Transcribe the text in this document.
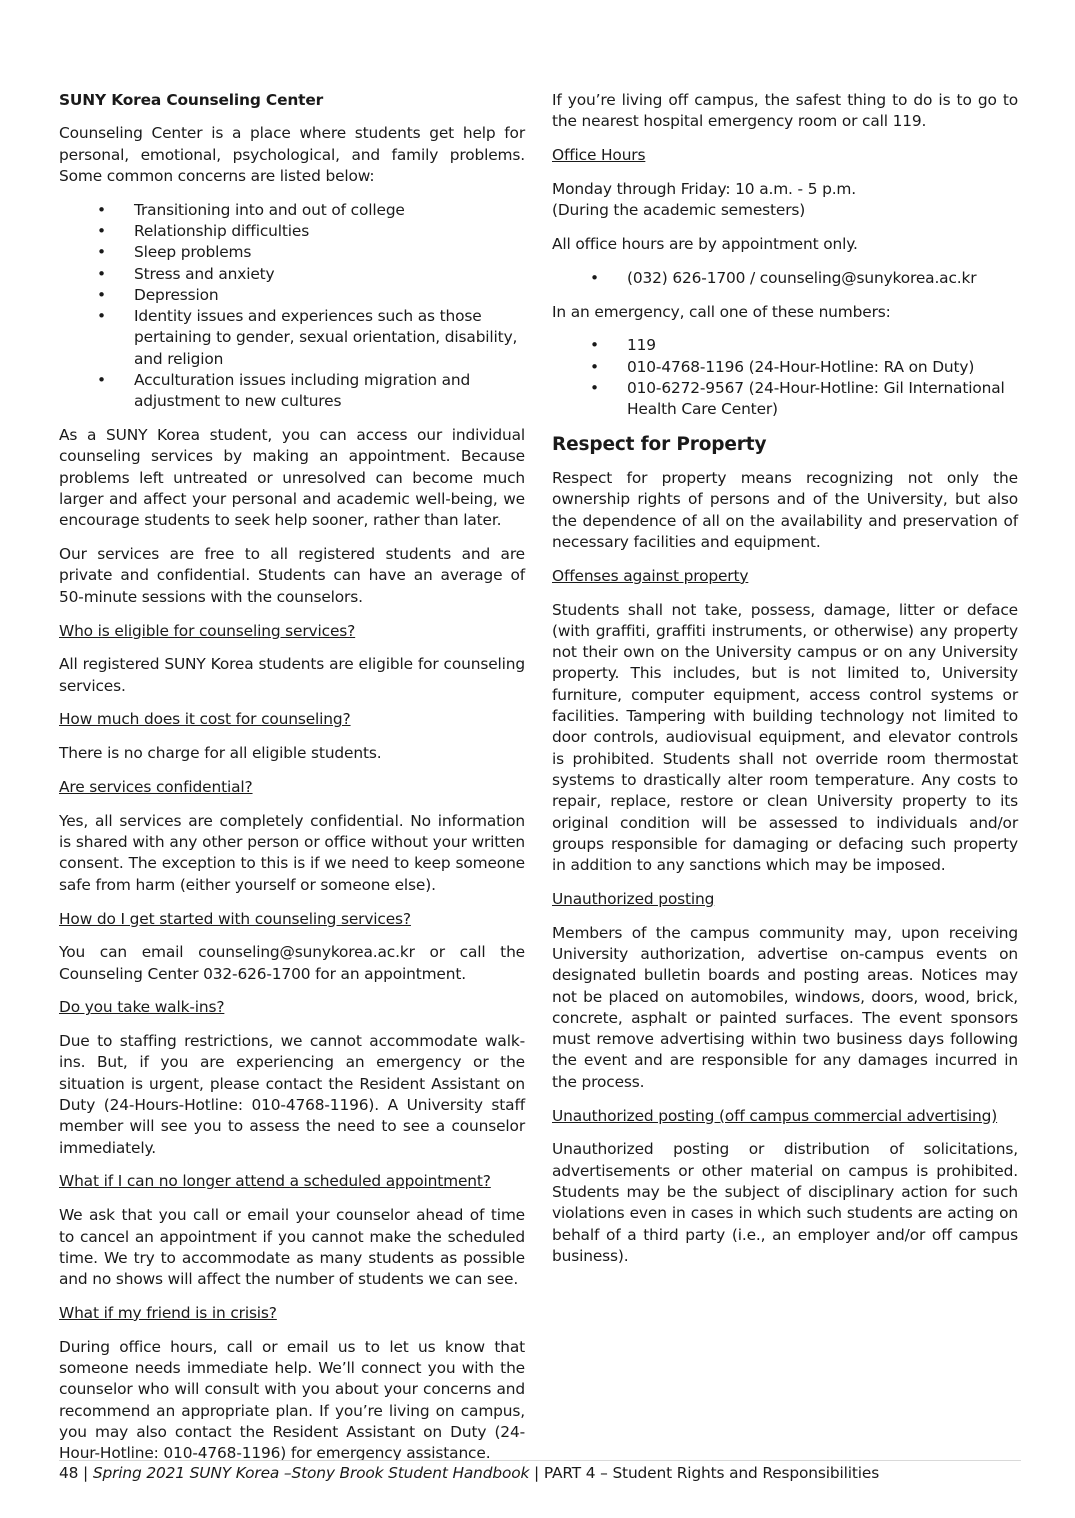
SUNY Korea Counseling Center

Counseling Center is a place where students get help for personal, emotional, psychological, and family problems. Some common concerns are listed below:

• Transitioning into and out of college
• Relationship difficulties
• Sleep problems
• Stress and anxiety
• Depression
• Identity issues and experiences such as those pertaining to gender, sexual orientation, disability, and religion
• Acculturation issues including migration and adjustment to new cultures

As a SUNY Korea student, you can access our individual counseling services by making an appointment. Because problems left untreated or unresolved can become much larger and affect your personal and academic well-being, we encourage students to seek help sooner, rather than later.

Our services are free to all registered students and are private and confidential. Students can have an average of 50-minute sessions with the counselors.

Who is eligible for counseling services?

All registered SUNY Korea students are eligible for counseling services.

How much does it cost for counseling?

There is no charge for all eligible students.

Are services confidential?

Yes, all services are completely confidential. No information is shared with any other person or office without your written consent. The exception to this is if we need to keep someone safe from harm (either yourself or someone else).

How do I get started with counseling services?

You can email counseling@sunykorea.ac.kr or call the Counseling Center 032-626-1700 for an appointment.

Do you take walk-ins?

Due to staffing restrictions, we cannot accommodate walk-ins. But, if you are experiencing an emergency or the situation is urgent, please contact the Resident Assistant on Duty (24-Hours-Hotline: 010-4768-1196). A University staff member will see you to assess the need to see a counselor immediately.

What if I can no longer attend a scheduled appointment?

We ask that you call or email your counselor ahead of time to cancel an appointment if you cannot make the scheduled time. We try to accommodate as many students as possible and no shows will affect the number of students we can see.

What if my friend is in crisis?

During office hours, call or email us to let us know that someone needs immediate help. We’ll connect you with the counselor who will consult with you about your concerns and recommend an appropriate plan. If you’re living on campus, you may also contact the Resident Assistant on Duty (24-Hour-Hotline: 010-4768-1196) for emergency assistance.

If you’re living off campus, the safest thing to do is to go to the nearest hospital emergency room or call 119.

Office Hours

Monday through Friday: 10 a.m. - 5 p.m.
(During the academic semesters)

All office hours are by appointment only.

• (032) 626-1700 / counseling@sunykorea.ac.kr

In an emergency, call one of these numbers:

• 119
• 010-4768-1196 (24-Hour-Hotline: RA on Duty)
• 010-6272-9567 (24-Hour-Hotline: Gil International Health Care Center)
Respect for Property

Respect for property means recognizing not only the ownership rights of persons and of the University, but also the dependence of all on the availability and preservation of necessary facilities and equipment.

Offenses against property

Students shall not take, possess, damage, litter or deface (with graffiti, graffiti instruments, or otherwise) any property not their own on the University campus or on any University property. This includes, but is not limited to, University furniture, computer equipment, access control systems or facilities. Tampering with building technology not limited to door controls, audiovisual equipment, and elevator controls is prohibited. Students shall not override room thermostat systems to drastically alter room temperature. Any costs to repair, replace, restore or clean University property to its original condition will be assessed to individuals and/or groups responsible for damaging or defacing such property in addition to any sanctions which may be imposed.

Unauthorized posting

Members of the campus community may, upon receiving University authorization, advertise on-campus events on designated bulletin boards and posting areas. Notices may not be placed on automobiles, windows, doors, wood, brick, concrete, asphalt or painted surfaces. The event sponsors must remove advertising within two business days following the event and are responsible for any damages incurred in the process.

Unauthorized posting (off campus commercial advertising)

Unauthorized posting or distribution of solicitations, advertisements or other material on campus is prohibited. Students may be the subject of disciplinary action for such violations even in cases in which such students are acting on behalf of a third party (i.e., an employer and/or off campus business).

48 | Spring 2021 SUNY Korea –Stony Brook Student Handbook | PART 4 – Student Rights and Responsibilities
